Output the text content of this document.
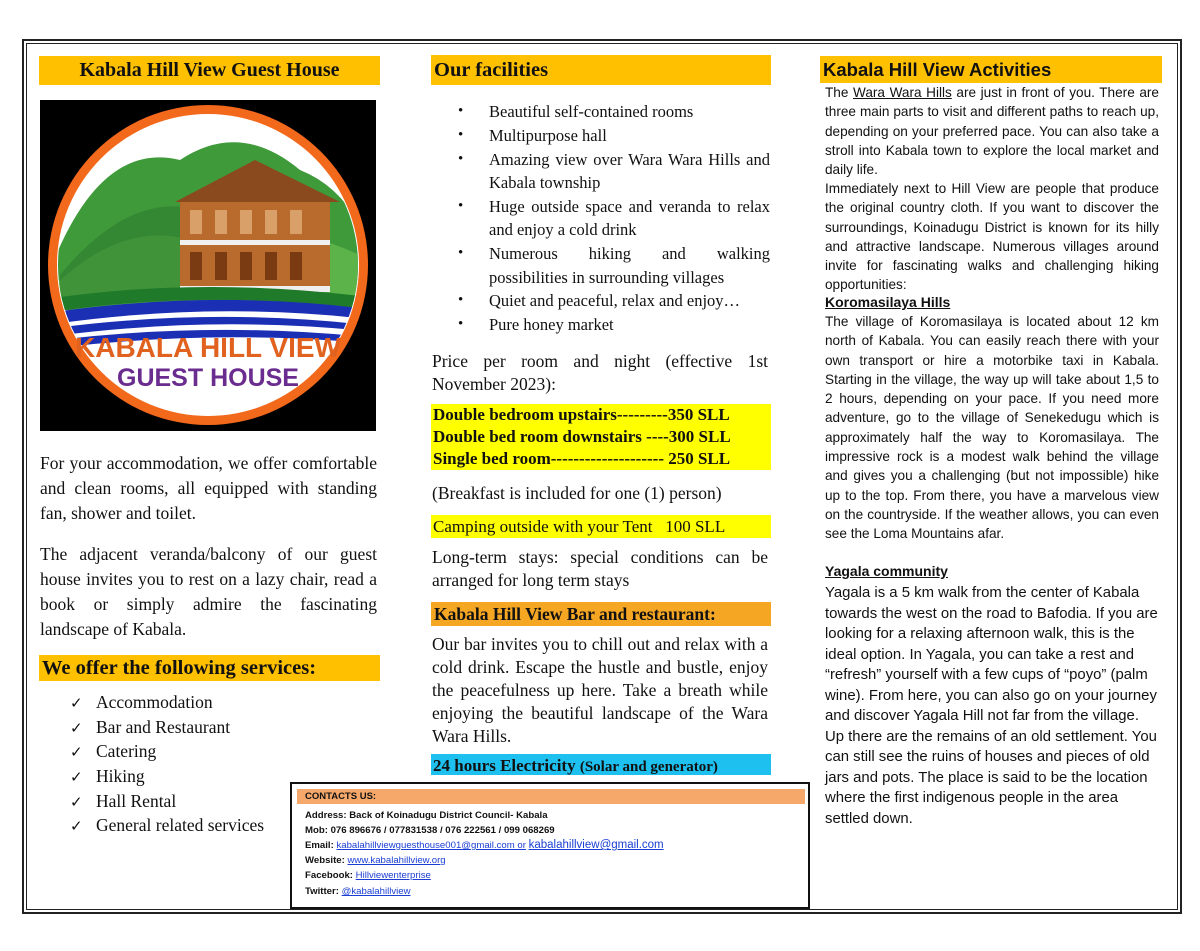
Kabala Hill View Guest House
KABALA HILL VIEW
GUEST HOUSE
For your accommodation, we offer comfortable and clean rooms, all equipped with standing fan, shower and toilet.
The adjacent veranda/balcony of our guest house invites you to rest on a lazy chair, read a book or simply admire the fascinating landscape of Kabala.
We offer the following services:
✓ Accommodation
✓ Bar and Restaurant
✓ Catering
✓ Hiking
✓ Hall Rental
✓ General related services
Our facilities
• Beautiful self-contained rooms
• Multipurpose hall
• Amazing view over Wara Wara Hills and Kabala township
• Huge outside space and veranda to relax and enjoy a cold drink
• Numerous hiking and walking possibilities in surrounding villages
• Quiet and peaceful, relax and enjoy…
• Pure honey market
Price per room and night (effective 1st November 2023):
Double bedroom upstairs---------350 SLL
Double bed room downstairs ----300 SLL
Single bed room-------------------- 250 SLL
(Breakfast is included for one (1) person)
Camping outside with your Tent   100 SLL
Long-term stays: special conditions can be arranged for long term stays
Kabala Hill View Bar and restaurant:
Our bar invites you to chill out and relax with a cold drink. Escape the hustle and bustle, enjoy the peacefulness up here. Take a breath while enjoying the beautiful landscape of the Wara Wara Hills.
24 hours Electricity (Solar and generator)
CONTACTS US:
Address: Back of Koinadugu District Council- Kabala
Mob: 076 896676 / 077831538 / 076 222561 / 099 068269
Email: kabalahillviewguesthouse001@gmail.com or kabalahillview@gmail.com
Website: www.kabalahillview.org
Facebook: Hillviewenterprise
Twitter: @kabalahillview
Kabala Hill View Activities
The Wara Wara Hills are just in front of you. There are three main parts to visit and different paths to reach up, depending on your preferred pace. You can also take a stroll into Kabala town to explore the local market and daily life.
Immediately next to Hill View are people that produce the original country cloth. If you want to discover the surroundings, Koinadugu District is known for its hilly and attractive landscape. Numerous villages around invite for fascinating walks and challenging hiking opportunities:
Koromasilaya Hills
The village of Koromasilaya is located about 12 km north of Kabala. You can easily reach there with your own transport or hire a motorbike taxi in Kabala. Starting in the village, the way up will take about 1,5 to 2 hours, depending on your pace. If you need more adventure, go to the village of Senekedugu which is approximately half the way to Koromasilaya. The impressive rock is a modest walk behind the village and gives you a challenging (but not impossible) hike up to the top. From there, you have a marvelous view on the countryside. If the weather allows, you can even see the Loma Mountains afar.
Yagala community
Yagala is a 5 km walk from the center of Kabala towards the west on the road to Bafodia. If you are looking for a relaxing afternoon walk, this is the ideal option. In Yagala, you can take a rest and “refresh” yourself with a few cups of “poyo” (palm wine). From here, you can also go on your journey and discover Yagala Hill not far from the village. Up there are the remains of an old settlement. You can still see the ruins of houses and pieces of old jars and pots. The place is said to be the location where the first indigenous people in the area settled down.
